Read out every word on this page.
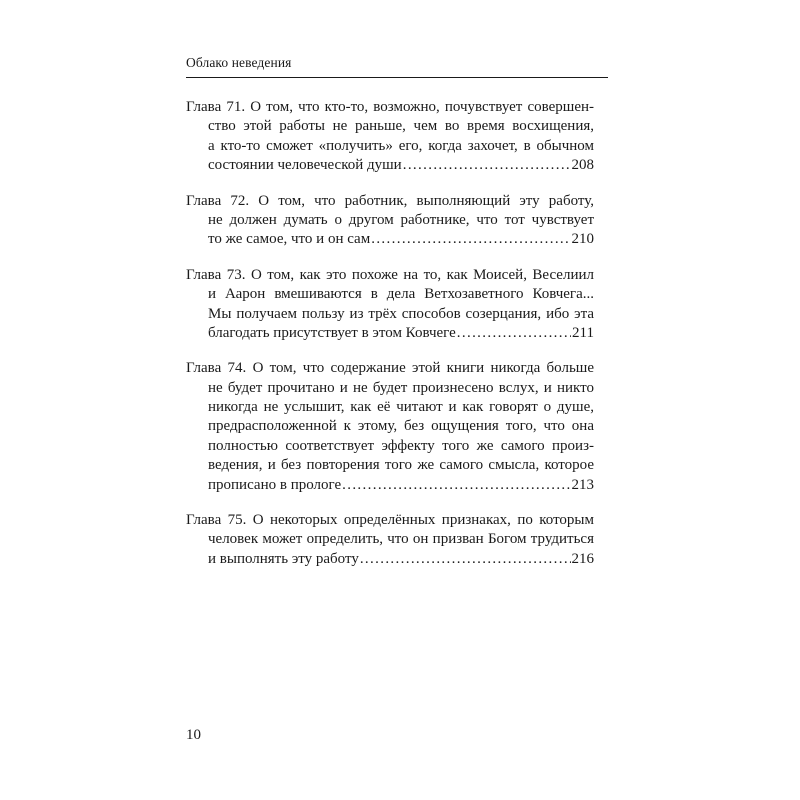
Облако неведения
Глава 71. О том, что кто-то, возможно, почувствует совершен-
ство этой работы не раньше, чем во время восхищения,
а кто-то сможет «получить» его, когда захочет, в обычном
состоянии человеческой души . . .	208
Глава 72. О том, что работник, выполняющий эту работу,
не должен думать о другом работнике, что тот чувствует
то же самое, что и он сам . . .	210
Глава 73. О том, как это похоже на то, как Моисей, Веселиил
и Аарон вмешиваются в дела Ветхозаветного Ковчега...
Мы получаем пользу из трёх способов созерцания, ибо эта
благодать присутствует в этом Ковчеге . . .	211
Глава 74. О том, что содержание этой книги никогда больше
не будет прочитано и не будет произнесено вслух, и никто
никогда не услышит, как её читают и как говорят о душе,
предрасположенной к этому, без ощущения того, что она
полностью соответствует эффекту того же самого произ-
ведения, и без повторения того же самого смысла, которое
прописано в прологе . . .	213
Глава 75. О некоторых определённых признаках, по которым
человек может определить, что он призван Богом трудиться
и выполнять эту работу . . .	216
10
